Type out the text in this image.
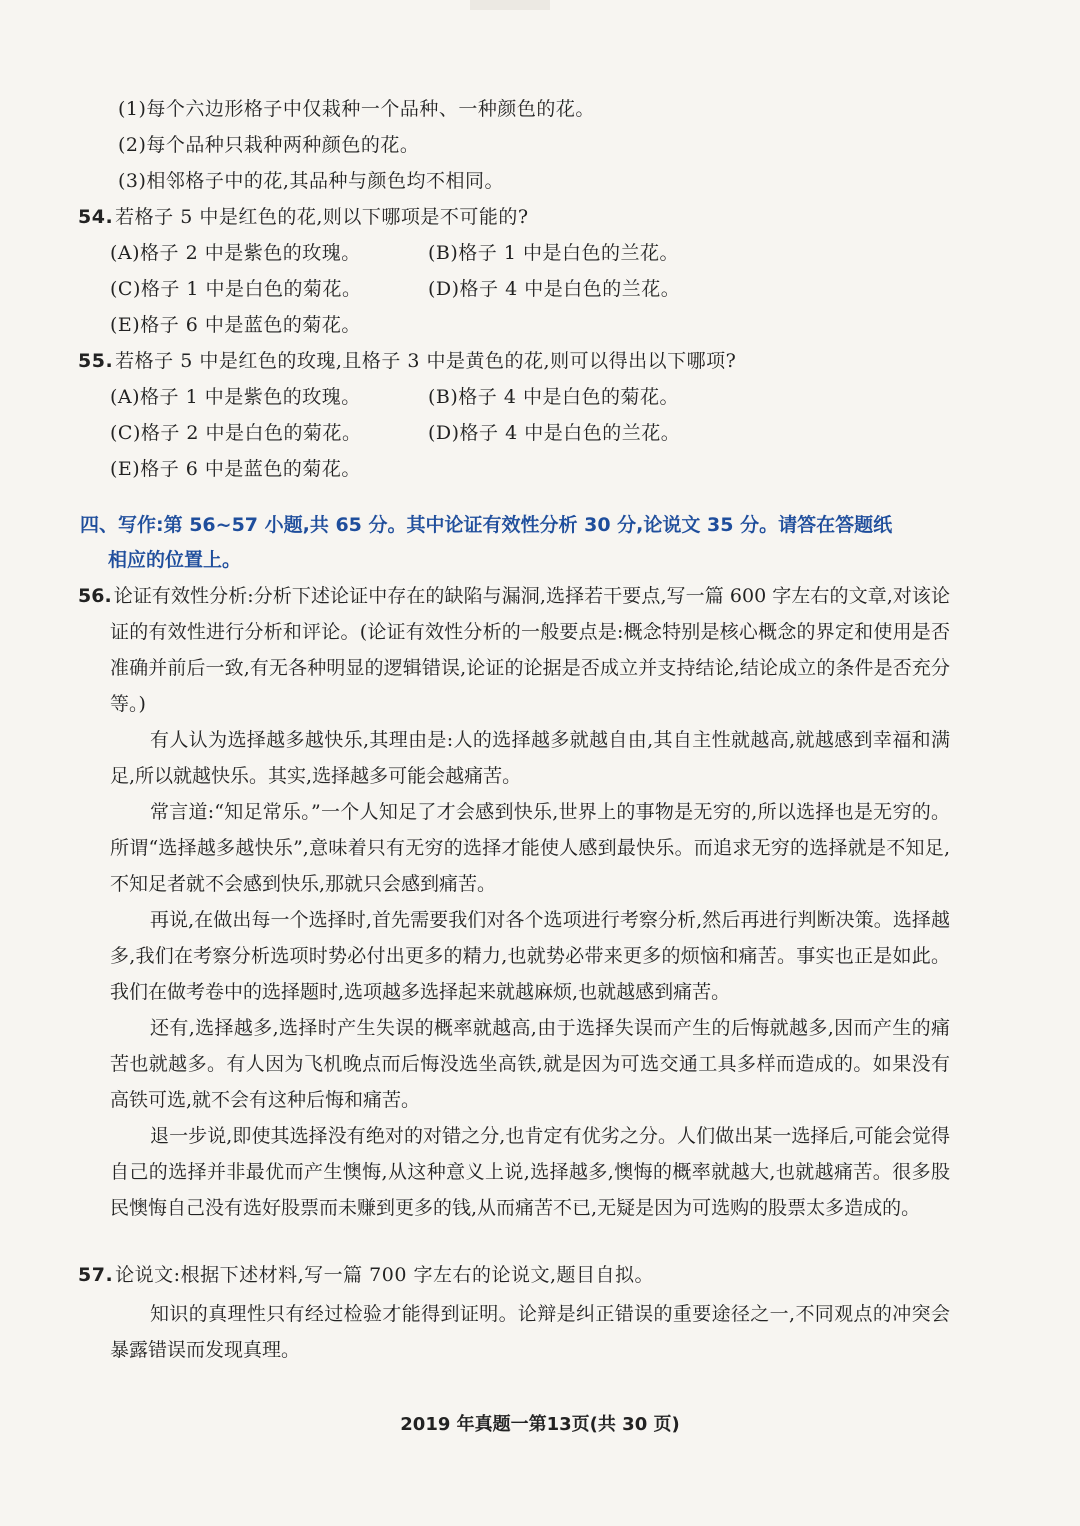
(1)每个六边形格子中仅栽种一个品种、一种颜色的花。
(2)每个品种只栽种两种颜色的花。
(3)相邻格子中的花,其品种与颜色均不相同。
54. 若格子 5 中是红色的花,则以下哪项是不可能的?
(A)格子 2 中是紫色的玫瑰。	(B)格子 1 中是白色的兰花。
(C)格子 1 中是白色的菊花。	(D)格子 4 中是白色的兰花。
(E)格子 6 中是蓝色的菊花。
55. 若格子 5 中是红色的玫瑰,且格子 3 中是黄色的花,则可以得出以下哪项?
(A)格子 1 中是紫色的玫瑰。	(B)格子 4 中是白色的菊花。
(C)格子 2 中是白色的菊花。	(D)格子 4 中是白色的兰花。
(E)格子 6 中是蓝色的菊花。
四、写作:第 56~57 小题,共 65 分。其中论证有效性分析 30 分,论说文 35 分。请答在答题纸
相应的位置上。
56. 论证有效性分析:分析下述论证中存在的缺陷与漏洞,选择若干要点,写一篇 600 字左右的文章,对该论证的有效性进行分析和评论。(论证有效性分析的一般要点是:概念特别是核心概念的界定和使用是否准确并前后一致,有无各种明显的逻辑错误,论证的论据是否成立并支持结论,结论成立的条件是否充分等。)
有人认为选择越多越快乐,其理由是:人的选择越多就越自由,其自主性就越高,就越感到幸福和满足,所以就越快乐。其实,选择越多可能会越痛苦。
常言道:“知足常乐。”一个人知足了才会感到快乐,世界上的事物是无穷的,所以选择也是无穷的。所谓“选择越多越快乐”,意味着只有无穷的选择才能使人感到最快乐。而追求无穷的选择就是不知足,不知足者就不会感到快乐,那就只会感到痛苦。
再说,在做出每一个选择时,首先需要我们对各个选项进行考察分析,然后再进行判断决策。选择越多,我们在考察分析选项时势必付出更多的精力,也就势必带来更多的烦恼和痛苦。事实也正是如此。我们在做考卷中的选择题时,选项越多选择起来就越麻烦,也就越感到痛苦。
还有,选择越多,选择时产生失误的概率就越高,由于选择失误而产生的后悔就越多,因而产生的痛苦也就越多。有人因为飞机晚点而后悔没选坐高铁,就是因为可选交通工具多样而造成的。如果没有高铁可选,就不会有这种后悔和痛苦。
退一步说,即使其选择没有绝对的对错之分,也肯定有优劣之分。人们做出某一选择后,可能会觉得自己的选择并非最优而产生懊悔,从这种意义上说,选择越多,懊悔的概率就越大,也就越痛苦。很多股民懊悔自己没有选好股票而未赚到更多的钱,从而痛苦不已,无疑是因为可选购的股票太多造成的。
57. 论说文:根据下述材料,写一篇 700 字左右的论说文,题目自拟。
知识的真理性只有经过检验才能得到证明。论辩是纠正错误的重要途径之一,不同观点的冲突会暴露错误而发现真理。
2019 年真题一第13页(共 30 页)
